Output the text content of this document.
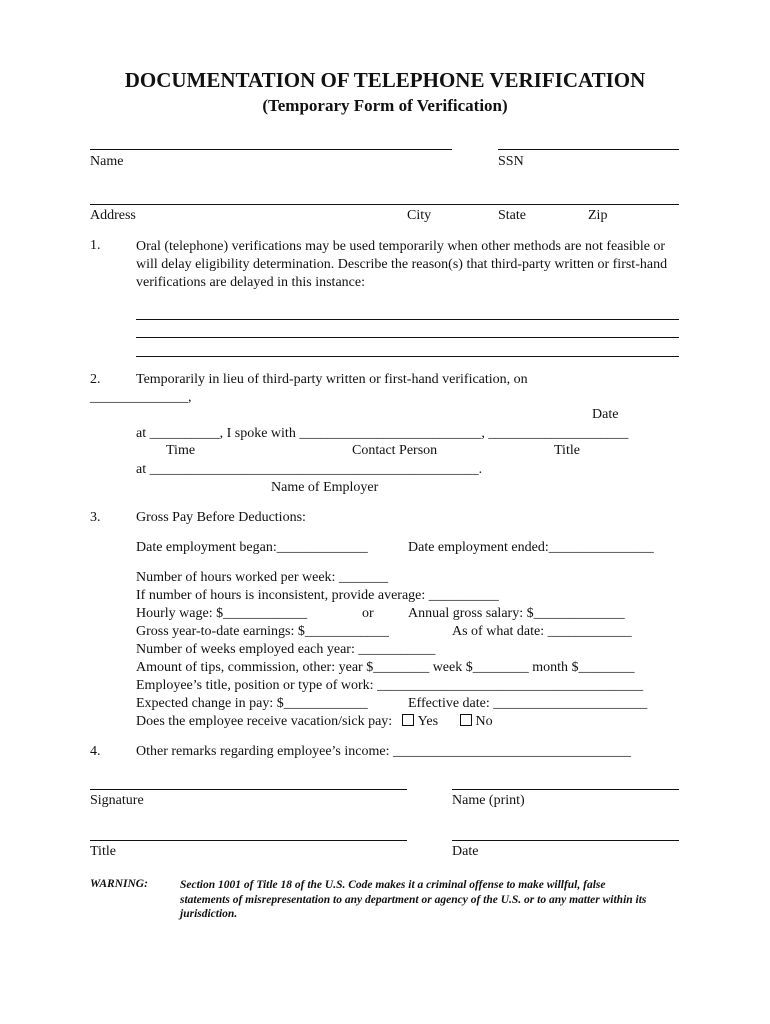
DOCUMENTATION OF TELEPHONE VERIFICATION
(Temporary Form of Verification)
Name	SSN
Address	City	State	Zip
1.	Oral (telephone) verifications may be used temporarily when other methods are not feasible or will delay eligibility determination. Describe the reason(s) that third-party written or first-hand verifications are delayed in this instance:
2.	Temporarily in lieu of third-party written or first-hand verification, on
______________,
Date
at __________, I spoke with __________________________, ____________________
Time	Contact Person	Title
at _______________________________________________.
Name of Employer
3.	Gross Pay Before Deductions:
Date employment began:_____________	Date employment ended:_______________
Number of hours worked per week: _______
If number of hours is inconsistent, provide average: __________
Hourly wage: $____________	or Annual gross salary: $_____________
Gross year-to-date earnings: $____________	As of what date: ____________
Number of weeks employed each year: ___________
Amount of tips, commission, other: year $________ week $________ month $________
Employee’s title, position or type of work: ______________________________________
Expected change in pay: $____________	Effective date: ______________________
Does the employee receive vacation/sick pay: Yes	No
4.	Other remarks regarding employee’s income: __________________________________
Signature	Name (print)
Title	Date
WARNING:	Section 1001 of Title 18 of the U.S. Code makes it a criminal offense to make willful, false statements of misrepresentation to any department or agency of the U.S. or to any matter within its jurisdiction.
